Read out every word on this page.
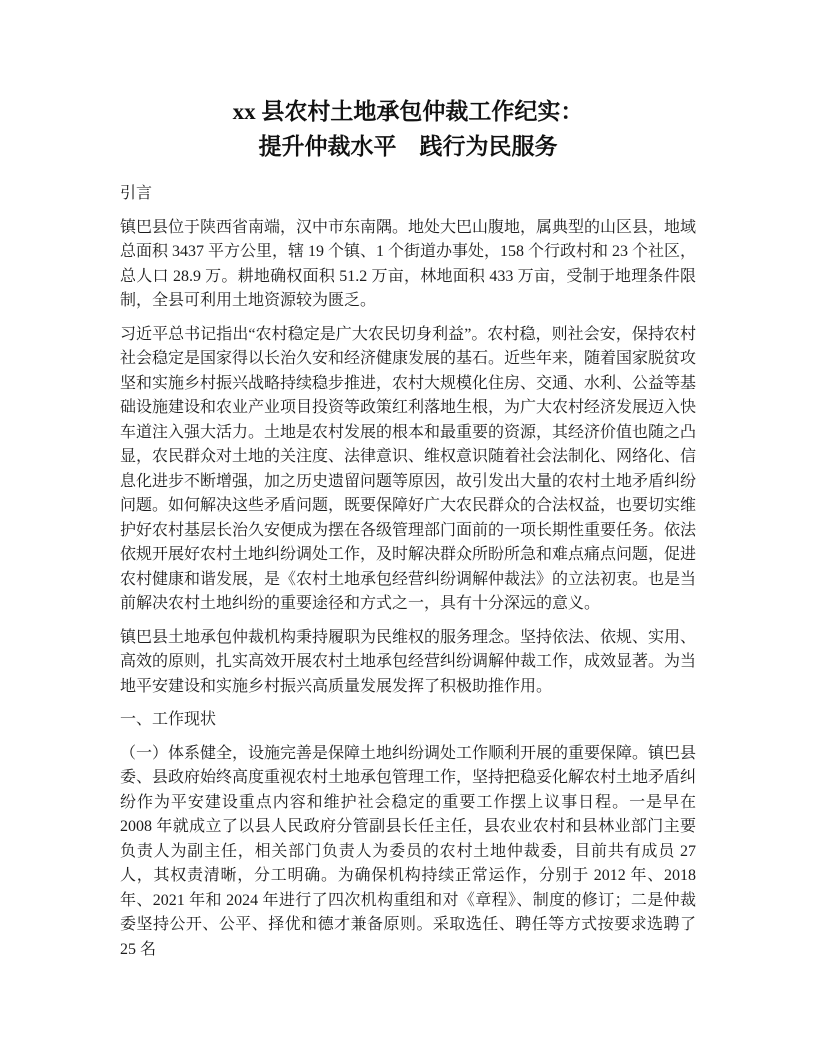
xx 县农村土地承包仲裁工作纪实：
提升仲裁水平　践行为民服务
引言

镇巴县位于陕西省南端，汉中市东南隅。地处大巴山腹地，属典型的山区县，地域总面积 3437 平方公里，辖 19 个镇、1 个街道办事处，158 个行政村和 23 个社区，总人口 28.9 万。耕地确权面积 51.2 万亩，林地面积 433 万亩，受制于地理条件限制，全县可利用土地资源较为匮乏。

习近平总书记指出“农村稳定是广大农民切身利益”。农村稳，则社会安，保持农村社会稳定是国家得以长治久安和经济健康发展的基石。近些年来，随着国家脱贫攻坚和实施乡村振兴战略持续稳步推进，农村大规模化住房、交通、水利、公益等基础设施建设和农业产业项目投资等政策红利落地生根，为广大农村经济发展迈入快车道注入强大活力。土地是农村发展的根本和最重要的资源，其经济价值也随之凸显，农民群众对土地的关注度、法律意识、维权意识随着社会法制化、网络化、信息化进步不断增强，加之历史遗留问题等原因，故引发出大量的农村土地矛盾纠纷问题。如何解决这些矛盾问题，既要保障好广大农民群众的合法权益，也要切实维护好农村基层长治久安便成为摆在各级管理部门面前的一项长期性重要任务。依法依规开展好农村土地纠纷调处工作，及时解决群众所盼所急和难点痛点问题，促进农村健康和谐发展，是《农村土地承包经营纠纷调解仲裁法》的立法初衷。也是当前解决农村土地纠纷的重要途径和方式之一，具有十分深远的意义。

镇巴县土地承包仲裁机构秉持履职为民维权的服务理念。坚持依法、依规、实用、高效的原则，扎实高效开展农村土地承包经营纠纷调解仲裁工作，成效显著。为当地平安建设和实施乡村振兴高质量发展发挥了积极助推作用。

一、工作现状

（一）体系健全，设施完善是保障土地纠纷调处工作顺利开展的重要保障。镇巴县委、县政府始终高度重视农村土地承包管理工作，坚持把稳妥化解农村土地矛盾纠纷作为平安建设重点内容和维护社会稳定的重要工作摆上议事日程。一是早在 2008 年就成立了以县人民政府分管副县长任主任，县农业农村和县林业部门主要负责人为副主任，相关部门负责人为委员的农村土地仲裁委，目前共有成员 27 人，其权责清晰，分工明确。为确保机构持续正常运作，分别于 2012 年、2018 年、2021 年和 2024 年进行了四次机构重组和对《章程》、制度的修订；二是仲裁委坚持公开、公平、择优和德才兼备原则。采取选任、聘任等方式按要求选聘了 25 名
